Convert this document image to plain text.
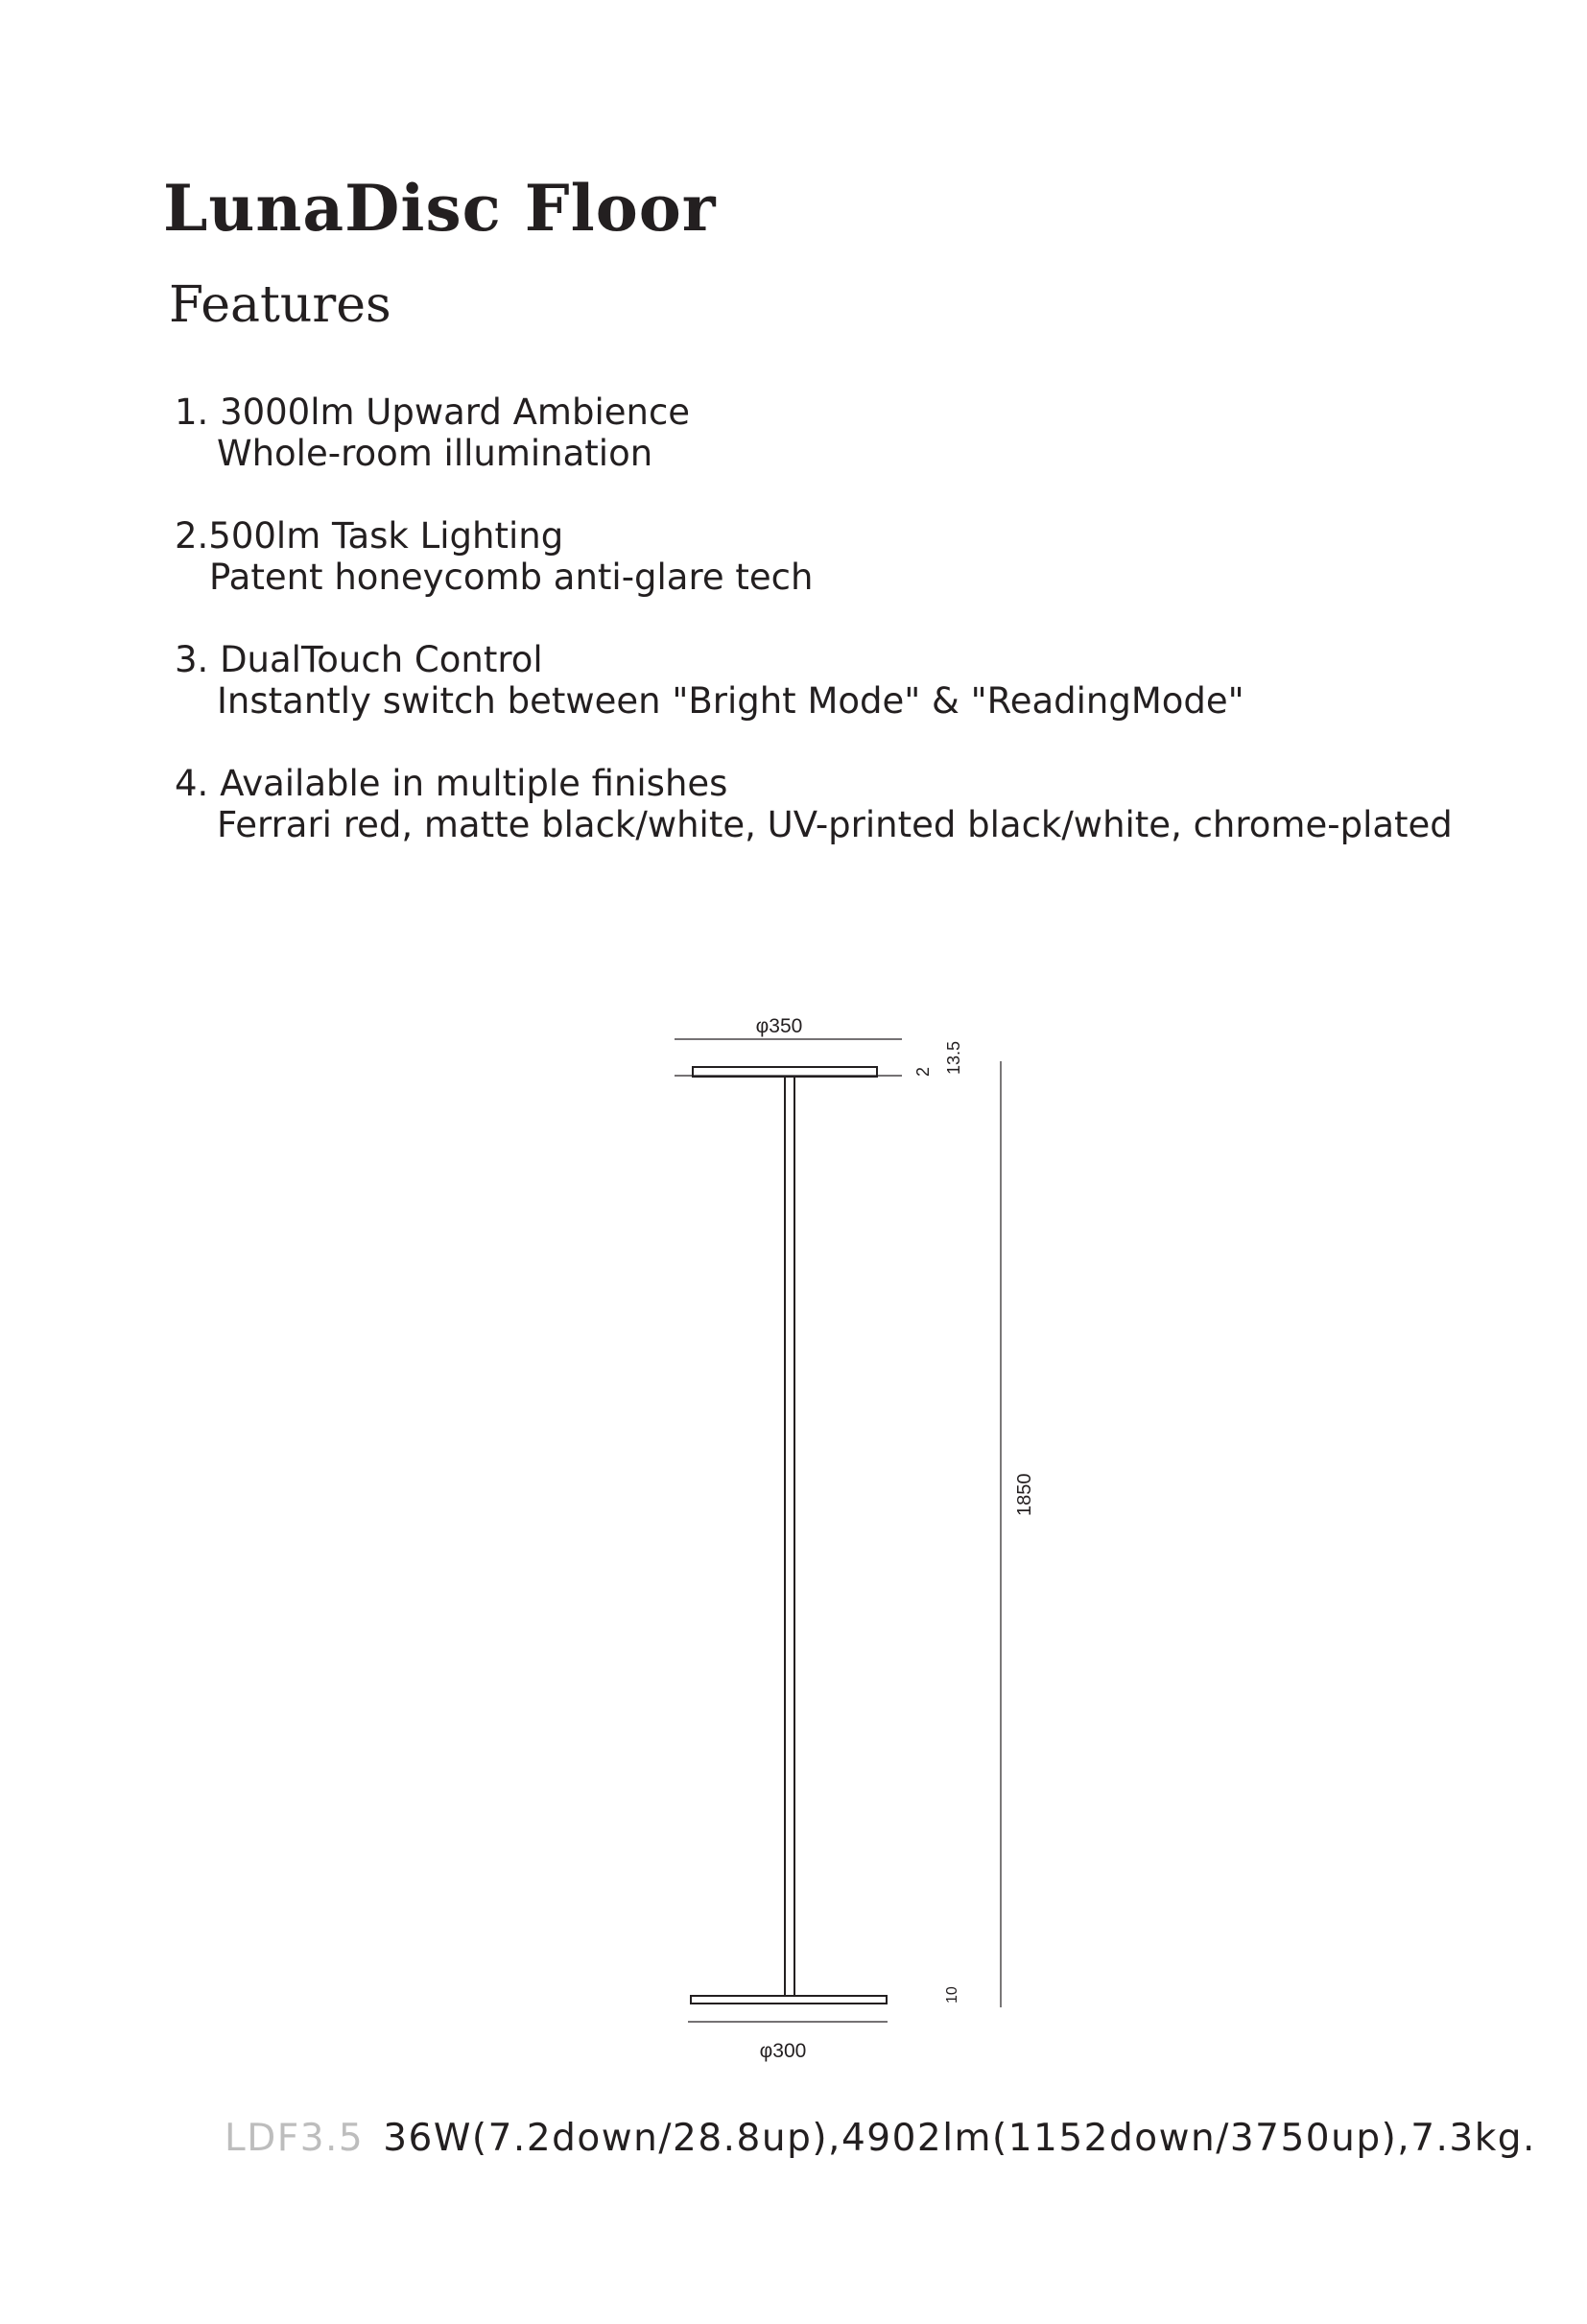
LunaDisc Floor
Features
1. 3000lm Upward Ambience
Whole-room illumination
2.500lm Task Lighting
Patent honeycomb anti-glare tech
3. DualTouch Control
Instantly switch between "Bright Mode" & "ReadingMode"
4. Available in multiple finishes
Ferrari red, matte black/white, UV-printed black/white, chrome-plated
φ350
2 13.5
1850
10
φ300

LDF3.5 36W(7.2down/28.8up),4902lm(1152down/3750up),7.3kg.
